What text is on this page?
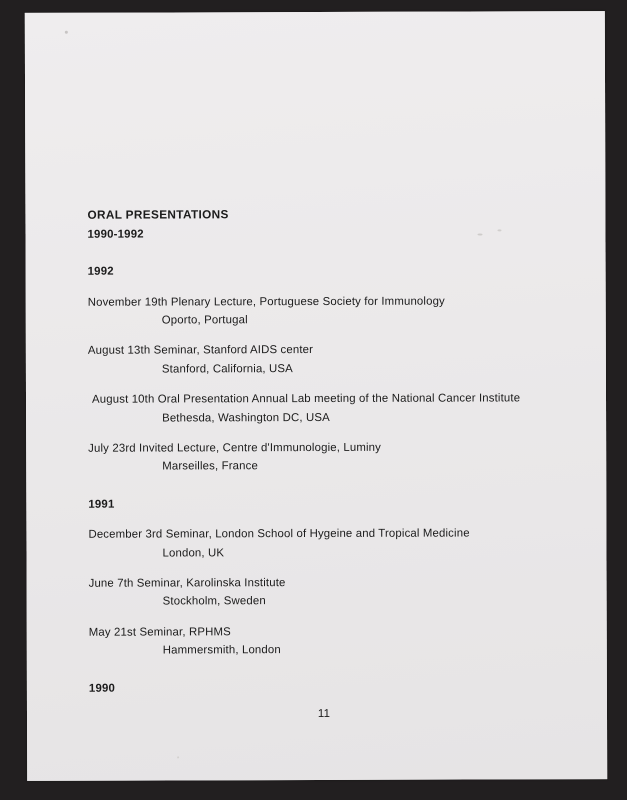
ORAL PRESENTATIONS

1990-1992

1992

November 19th Plenary Lecture, Portuguese Society for Immunology

Oporto, Portugal

August 13th Seminar, Stanford AIDS center

Stanford, California, USA

August 10th Oral Presentation Annual Lab meeting of the National Cancer Institute

Bethesda, Washington DC, USA

July 23rd Invited Lecture, Centre d'Immunologie, Luminy

Marseilles, France

1991

December 3rd Seminar, London School of Hygeine and Tropical Medicine

London, UK

June 7th Seminar, Karolinska Institute

Stockholm, Sweden

May 21st Seminar, RPHMS

Hammersmith, London

1990

11
